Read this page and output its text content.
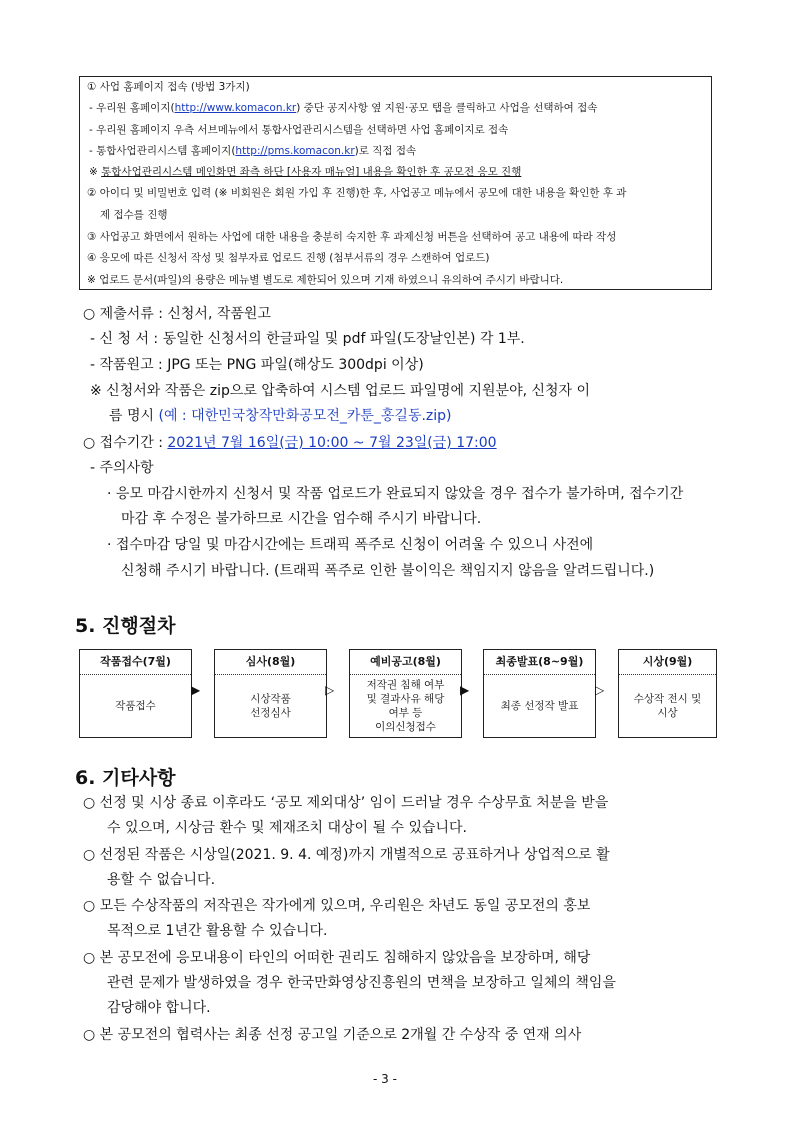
① 사업 홈페이지 접속 (방법 3가지)
- 우리원 홈페이지(http://www.komacon.kr) 중단 공지사항 옆 지원·공모 탭을 클릭하고 사업을 선택하여 접속
- 우리원 홈페이지 우측 서브메뉴에서 통합사업관리시스템을 선택하면 사업 홈페이지로 접속
- 통합사업관리시스템 홈페이지(http://pms.komacon.kr)로 직접 접속
※ 통합사업관리시스템 메인화면 좌측 하단 [사용자 매뉴얼] 내용을 확인한 후 공모전 응모 진행
② 아이디 및 비밀번호 입력 (※ 비회원은 회원 가입 후 진행)한 후, 사업공고 메뉴에서 공모에 대한 내용을 확인한 후 과
제 접수를 진행
③ 사업공고 화면에서 원하는 사업에 대한 내용을 충분히 숙지한 후 과제신청 버튼을 선택하여 공고 내용에 따라 작성
④ 응모에 따른 신청서 작성 및 첨부자료 업로드 진행 (첨부서류의 경우 스캔하여 업로드)
※ 업로드 문서(파일)의 용량은 메뉴별 별도로 제한되어 있으며 기재 하였으니 유의하여 주시기 바랍니다.
○ 제출서류 : 신청서, 작품원고
- 신 청 서 : 동일한 신청서의 한글파일 및 pdf 파일(도장날인본) 각 1부.
- 작품원고 : JPG 또는 PNG 파일(해상도 300dpi 이상)
※ 신청서와 작품은 zip으로 압축하여 시스템 업로드 파일명에 지원분야, 신청자 이
름 명시 (예 : 대한민국창작만화공모전_카툰_홍길동.zip)
○ 접수기간 : 2021년 7월 16일(금) 10:00 ~ 7월 23일(금) 17:00
- 주의사항
· 응모 마감시한까지 신청서 및 작품 업로드가 완료되지 않았을 경우 접수가 불가하며, 접수기간
마감 후 수정은 불가하므로 시간을 엄수해 주시기 바랍니다.
· 접수마감 당일 및 마감시간에는 트래픽 폭주로 신청이 어려울 수 있으니 사전에
신청해 주시기 바랍니다. (트래픽 폭주로 인한 불이익은 책임지지 않음을 알려드립니다.)
5. 진행절차
작품접수(7월)
작품접수
▶
심사(8월)
시상작품
선정심사
▷
예비공고(8월)
저작권 침해 여부
및 결과사유 해당
여부 등
이의신청접수
▶
최종발표(8~9월)
최종 선정작 발표
▷
시상(9월)
수상작 전시 및
시상
6. 기타사항
○ 선정 및 시상 종료 이후라도 ‘공모 제외대상’ 임이 드러날 경우 수상무효 처분을 받을
수 있으며, 시상금 환수 및 제재조치 대상이 될 수 있습니다.
○ 선정된 작품은 시상일(2021. 9. 4. 예정)까지 개별적으로 공표하거나 상업적으로 활
용할 수 없습니다.
○ 모든 수상작품의 저작권은 작가에게 있으며, 우리원은 차년도 동일 공모전의 홍보
목적으로 1년간 활용할 수 있습니다.
○ 본 공모전에 응모내용이 타인의 어떠한 권리도 침해하지 않았음을 보장하며, 해당
관련 문제가 발생하였을 경우 한국만화영상진흥원의 면책을 보장하고 일체의 책임을
감당해야 합니다.
○ 본 공모전의 협력사는 최종 선정 공고일 기준으로 2개월 간 수상작 중 연재 의사
- 3 -
